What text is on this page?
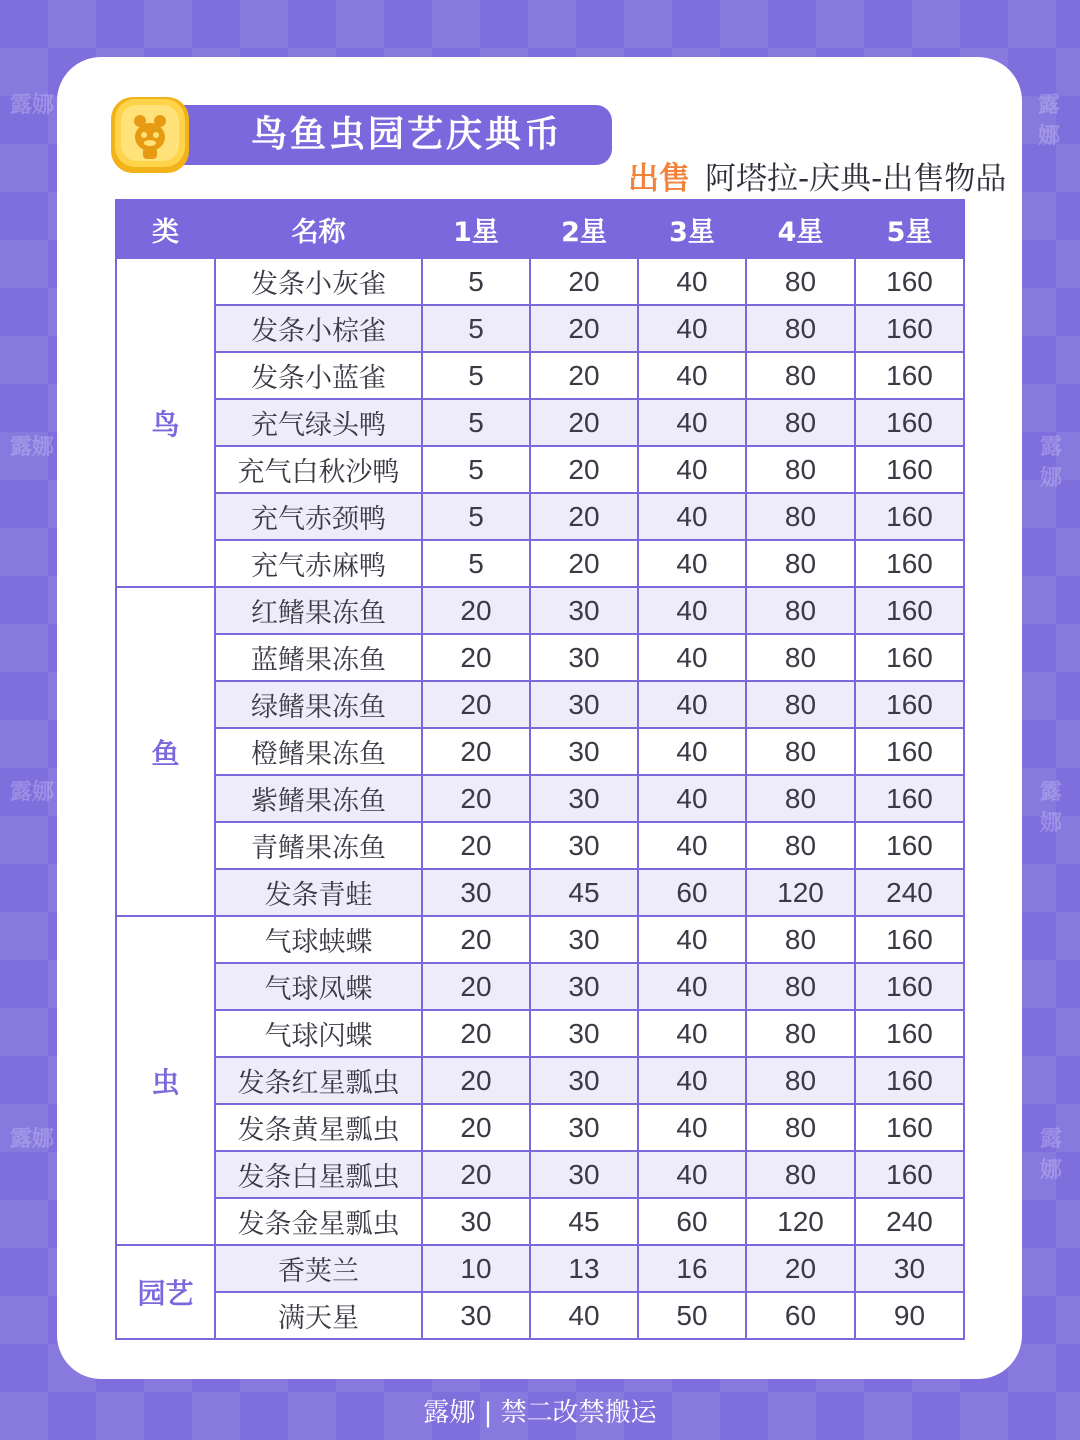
露娜	露娜
露娜	露娜
露娜	露娜
露娜	露娜
鸟鱼虫园艺庆典币
出售 阿塔拉-庆典-出售物品
类	名称	1星	2星	3星	4星	5星
鸟	发条小灰雀	5	20	40	80	160
	发条小棕雀	5	20	40	80	160
	发条小蓝雀	5	20	40	80	160
	充气绿头鸭	5	20	40	80	160
	充气白秋沙鸭	5	20	40	80	160
	充气赤颈鸭	5	20	40	80	160
	充气赤麻鸭	5	20	40	80	160
鱼	红鳍果冻鱼	20	30	40	80	160
	蓝鳍果冻鱼	20	30	40	80	160
	绿鳍果冻鱼	20	30	40	80	160
	橙鳍果冻鱼	20	30	40	80	160
	紫鳍果冻鱼	20	30	40	80	160
	青鳍果冻鱼	20	30	40	80	160
	发条青蛙	30	45	60	120	240
虫	气球蛱蝶	20	30	40	80	160
	气球凤蝶	20	30	40	80	160
	气球闪蝶	20	30	40	80	160
	发条红星瓢虫	20	30	40	80	160
	发条黄星瓢虫	20	30	40	80	160
	发条白星瓢虫	20	30	40	80	160
	发条金星瓢虫	30	45	60	120	240
园艺	香荚兰	10	13	16	20	30
	满天星	30	40	50	60	90
露娜 | 禁二改禁搬运
